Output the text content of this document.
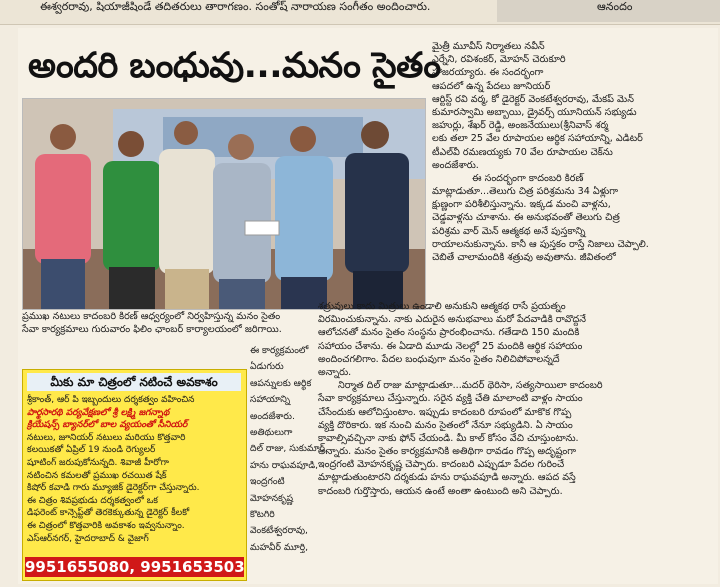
ఈశ్వరరావు, షియాజీషిండే తదితరులు తారాగణం. సంతోష్ నారాయణ సంగీతం అందించారు.	ఆనందం
అందరి బంధువు...మనం సైతం
మైత్రీ మూవీస్ నిర్మాతలు నవీన్
ఎర్నేని, రవిశంకర్, మోహన్ చెరుకూరి
హాజరయ్యారు. ఈ సందర్భంగా
ఆపదలో ఉన్న పేదలు జూనియర్
ఆర్టిస్ట్ రవి వర్మ, కో డైరెక్టర్ వెంకటేశ్వరరావు, మేకప్ మెన్
కుమారస్వామి అబ్బాయి, డ్రైవర్స్ యూనియన్ సభ్యుడు
జహుర్లు, శేఖర్ రెడ్డి, అంజనేయులు(శ్రీనివాస్ శర్మ
లకు తలా 25 వేల రూపాయల ఆర్థిక సహాయాన్ని, ఎడిటర్
టీఎల్‌వీ రమణయ్యకు 70 వేల రూపాయల చెక్‌ను
అందజేశారు.
ఈ సందర్భంగా కాదంబరి కిరణ్
మాట్లాడుతూ...తెలుగు చిత్ర పరిశ్రమను 34 ఏళ్లుగా
క్షుణ్ణంగా పరిశీలిస్తున్నాను. ఇక్కడ మంచి వాళ్లను,
చెడ్డవాళ్లను చూశాను. ఈ అనుభవంతో తెలుగు చిత్ర
పరిశ్రమ వార్ మెన్ ఆత్మకథ అనే పుస్తకాన్ని
రాయాలనుకున్నాను. కానీ ఆ పుస్తకం రాస్తే నిజాలు చెప్పాలి.
చెబితే చాలామందికి శత్రువు అవుతాను. జీవితంలో
ప్రముఖ నటులు కాదంబరి కిరణ్ ఆధ్వర్యంలో నిర్వహిస్తున్న మనం సైతం
సేవా కార్యక్రమాలు గురువారం ఫిలిం ఛాంబర్ కార్యాలయంలో జరిగాయి.
శత్రువులు కాదు మిత్రులు ఉండాలి అనుకుని ఆత్మకథ రాసే ప్రయత్నం
విరమించుకున్నాను. నాకు ఎదురైన అనుభవాలు మరో పేదవాడికి రావొద్దనే
ఆలోచనతో మనం సైతం సంస్థను ప్రారంభించాను. గతేడాది 150 మందికి
సహాయం చేశాను. ఈ ఏడాది మూడు నెలల్లో 25 మందికి ఆర్థిక సహాయం
అందించగలిగాం. పేదల బంధువుగా మనం సైతం నిలిచిపోవాలన్నదే
అన్నారు.
నిర్మాత దిల్ రాజు మాట్లాడుతూ...మదర్ థెరిసా, సత్యసాయిలా కాదంబరి
సేవా కార్యక్రమాలు చేస్తున్నారు. సరైన వ్యక్తి చేతి మాలాంటి వాళ్లం సాయం
చేసేందుకు ఆలోచిస్తుంటాం. ఇప్పుడు కాదంబరి రూపంలో మాకొక గొప్ప
వ్యక్తి దొరికారు. ఇక నుంచి మనం సైతంలో నేనూ సభ్యుడిని. ఏ సాయం
కావాల్సివచ్చినా నాకు ఫోన్ చేయండి. మీ కాల్ కోసం వేచి చూస్తుంటాను.
అన్నారు. మనం సైతం కార్యక్రమానికి అతిథిగా రావడం గొప్ప అదృష్టంగా
ఇంద్రగంటి మోహనకృష్ణ చెప్పారు. కాదంబరి ఎప్పుడూ పేదల గురించే
మాట్లాడుతుంటారని దర్శకుడు హను రాఘవపూడి అన్నారు. ఆపద వస్తే
కాదంబరి గుర్తొస్తారు, ఆయన ఉంటే అంతా ఉంటుంది అని చెప్పారు.
ఈ కార్యక్రమంలో
ఏడుగురు
ఆపన్నులకు ఆర్థిక
సహాయాన్ని
అందజేశారు.
అతిథులుగా
దిల్ రాజు, సుకుమార్,
హను రాఘవపూడి,
ఇంద్రగంటి
మోహనకృష్ణ
కొటగిరి
వెంకటేశ్వరరావు,
మహవీర్ మూర్తి,
మీకు మా చిత్రంలో నటించే అవకాశం
శ్రీకాంత్, ఆర్ పి ఇబ్బందులు దర్శకత్వం వహించిన
పార్థసారథి పర్యవేక్షణలో శ్రీ లక్ష్మి జగన్నాథ
క్రియేషన్స్ బ్యానర్‌లో బాల వ్యయంతో సీనియర్
నటులు, జూనియర్ నటులు మరియు కొత్తవారి
కలయికతో ఏప్రిల్ 19 నుండి రెగ్యులర్
షూటింగ్ జరుపుకోనున్నది. శివాజీ హీరోగా
నటించిన కమలతో ప్రముఖ రచయిత షేక్
కిషోర్ కవాడి గారు మ్యూజిక్ డైరెక్టర్‌గా చేస్తున్నారు.
ఈ చిత్రం శివప్రభుడు దర్శకత్వంలో ఒక
డిఫరెంట్ కాన్సెప్ట్‌తో తెరకెక్కుతున్న డైరెక్టర్ కీలకో
ఈ చిత్రంలో కొత్తవారికి అవకాశం ఇవ్వనున్నాం.
ఎస్ఆర్‌నగర్, హైదరాబాద్ & వైజాగ్
9951655080, 9951653503
